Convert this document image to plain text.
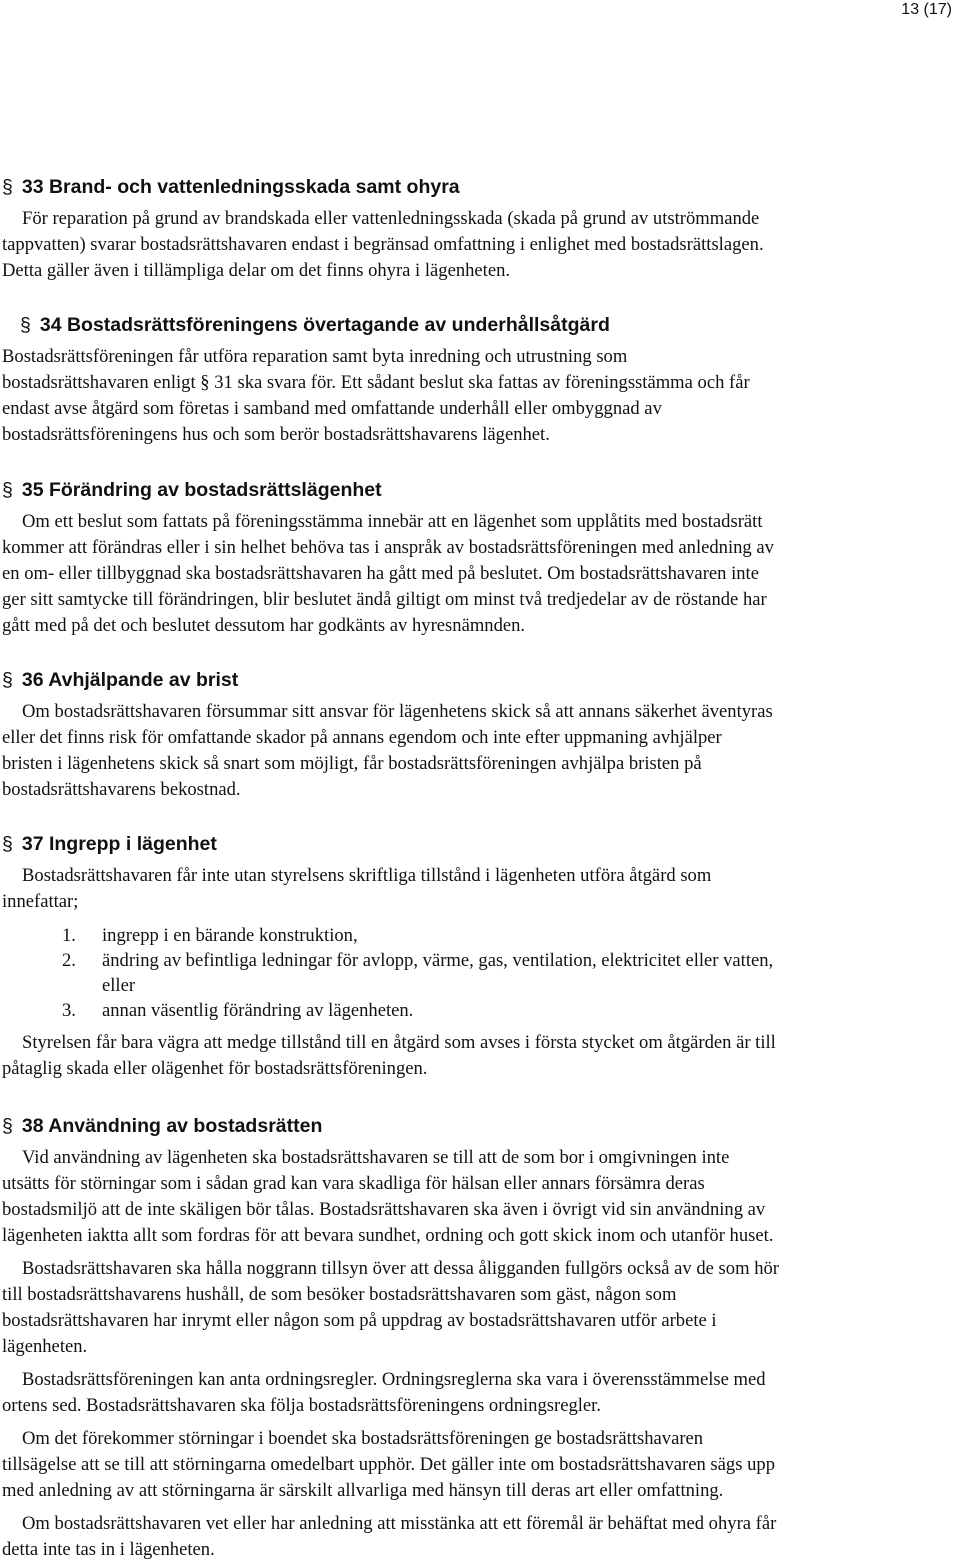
13 (17)
§ 33 Brand- och vattenledningsskada samt ohyra

För reparation på grund av brandskada eller vattenledningsskada (skada på grund av utströmmande

tappvatten) svarar bostadsrättshavaren endast i begränsad omfattning i enlighet med bostadsrättslagen.

Detta gäller även i tillämpliga delar om det finns ohyra i lägenheten.

§ 34 Bostadsrättsföreningens övertagande av underhållsåtgärd

Bostadsrättsföreningen får utföra reparation samt byta inredning och utrustning som

bostadsrättshavaren enligt § 31 ska svara för. Ett sådant beslut ska fattas av föreningsstämma och får

endast avse åtgärd som företas i samband med omfattande underhåll eller ombyggnad av

bostadsrättsföreningens hus och som berör bostadsrättshavarens lägenhet.

§ 35 Förändring av bostadsrättslägenhet

Om ett beslut som fattats på föreningsstämma innebär att en lägenhet som upplåtits med bostadsrätt

kommer att förändras eller i sin helhet behöva tas i anspråk av bostadsrättsföreningen med anledning av

en om- eller tillbyggnad ska bostadsrättshavaren ha gått med på beslutet. Om bostadsrättshavaren inte

ger sitt samtycke till förändringen, blir beslutet ändå giltigt om minst två tredjedelar av de röstande har

gått med på det och beslutet dessutom har godkänts av hyresnämnden.

§ 36 Avhjälpande av brist

Om bostadsrättshavaren försummar sitt ansvar för lägenhetens skick så att annans säkerhet äventyras

eller det finns risk för omfattande skador på annans egendom och inte efter uppmaning avhjälper

bristen i lägenhetens skick så snart som möjligt, får bostadsrättsföreningen avhjälpa bristen på

bostadsrättshavarens bekostnad.

§ 37 Ingrepp i lägenhet

Bostadsrättshavaren får inte utan styrelsens skriftliga tillstånd i lägenheten utföra åtgärd som

innefattar;

1. ingrepp i en bärande konstruktion,
2. ändring av befintliga ledningar för avlopp, värme, gas, ventilation, elektricitet eller vatten,
eller
3. annan väsentlig förändring av lägenheten.

Styrelsen får bara vägra att medge tillstånd till en åtgärd som avses i första stycket om åtgärden är till

påtaglig skada eller olägenhet för bostadsrättsföreningen.

§ 38 Användning av bostadsrätten

Vid användning av lägenheten ska bostadsrättshavaren se till att de som bor i omgivningen inte

utsätts för störningar som i sådan grad kan vara skadliga för hälsan eller annars försämra deras

bostadsmiljö att de inte skäligen bör tålas. Bostadsrättshavaren ska även i övrigt vid sin användning av

lägenheten iaktta allt som fordras för att bevara sundhet, ordning och gott skick inom och utanför huset.

Bostadsrättshavaren ska hålla noggrann tillsyn över att dessa åligganden fullgörs också av de som hör

till bostadsrättshavarens hushåll, de som besöker bostadsrättshavaren som gäst, någon som

bostadsrättshavaren har inrymt eller någon som på uppdrag av bostadsrättshavaren utför arbete i

lägenheten.

Bostadsrättsföreningen kan anta ordningsregler. Ordningsreglerna ska vara i överensstämmelse med

ortens sed. Bostadsrättshavaren ska följa bostadsrättsföreningens ordningsregler.

Om det förekommer störningar i boendet ska bostadsrättsföreningen ge bostadsrättshavaren

tillsägelse att se till att störningarna omedelbart upphör. Det gäller inte om bostadsrättshavaren sägs upp

med anledning av att störningarna är särskilt allvarliga med hänsyn till deras art eller omfattning.

Om bostadsrättshavaren vet eller har anledning att misstänka att ett föremål är behäftat med ohyra får

detta inte tas in i lägenheten.
